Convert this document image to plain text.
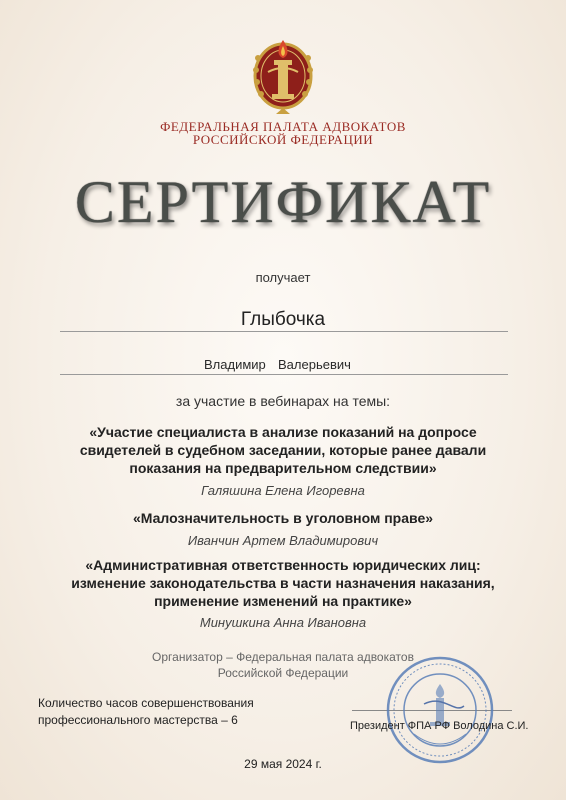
ФЕДЕРАЛЬНАЯ ПАЛАТА АДВОКАТОВ
РОССИЙСКОЙ ФЕДЕРАЦИИ
СЕРТИФИКАТ
получает
Глыбочка
Владимир Валерьевич
за участие в вебинарах на темы:
«Участие специалиста в анализе показаний на допросе свидетелей в судебном заседании, которые ранее давали показания на предварительном следствии»
Галяшина Елена Игоревна
«Малозначительность в уголовном праве»
Иванчин Артем Владимирович
«Административная ответственность юридических лиц: изменение законодательства в части назначения наказания, применение изменений на практике»
Минушкина Анна Ивановна
Организатор – Федеральная палата адвокатов
Российской Федерации
Количество часов совершенствования
профессионального мастерства – 6	Президент ФПА РФ Володина С.И.
29 мая 2024 г.
